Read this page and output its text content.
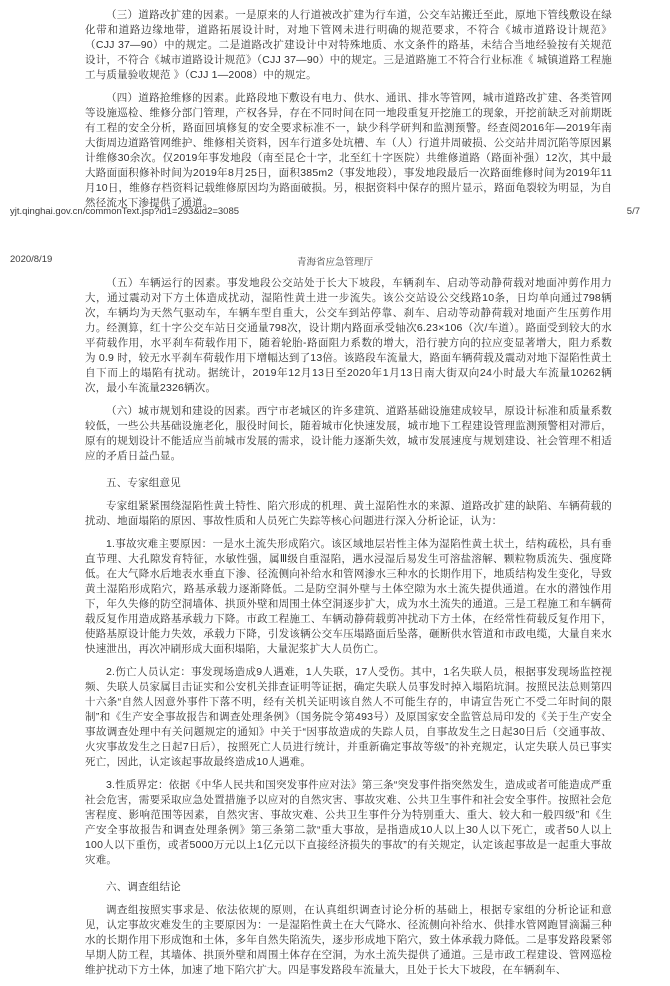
（三）道路改扩建的因素。一是原来的人行道被改扩建为行车道，公交车站搬迁至此，原地下管线敷设在绿化带和道路边缘地带，道路拓展设计时，对地下管网未进行明确的规范要求，不符合《城市道路设计规范》（CJJ 37—90）中的规定。二是道路改扩建设计中对特殊地质、水文条件的路基，未结合当地经验按有关规范设计，不符合《城市道路设计规范》（CJJ 37—90）中的规定。三是道路施工不符合行业标准《 城镇道路工程施工与质量验收规范 》（CJJ 1—2008）中的规定。

（四）道路抢维修的因素。此路段地下敷设有电力、供水、通讯、排水等管网，城市道路改扩建、各类管网等设施巡检、维修分部门管理，产权各异，存在不同时间在同一地段重复开挖施工的现象，开挖前缺乏对前期既有工程的安全分析，路面回填修复的安全要求标准不一，缺少科学研判和监测预警。经查阅2016年—2019年南大街周边道路管网维护、维修相关资料，因车行道多处坑槽、车（人）行道井周破损、公交站井周沉陷等原因累计维修30余次。仅2019年事发地段（南至昆仑十字，北至红十字医院）共维修道路（路面补强）12次，其中最大路面面积修补时间为2019年8月25日，面积385m2（事发地段），事发地段最后一次路面维修时间为2019年11月10日，维修存档资料记载维修原因均为路面破损。另，根据资料中保存的照片显示，路面龟裂较为明显，为自然径流水下渗提供了通道。

yjt.qinghai.gov.cn/commonText.jsp?id1=293&id2=3085	5/7
2020/8/19	青海省应急管理厅

（五）车辆运行的因素。事发地段公交站处于长大下坡段，车辆刹车、启动等动静荷载对地面冲剪作用力大，通过震动对下方土体造成扰动，湿陷性黄土进一步流失。该公交站设公交线路10条，日均单向通过798辆次，车辆均为天然气驱动车，车辆车型自重大，公交车到站停靠、刹车、启动等动静荷载对地面产生压剪作用力。经测算，红十字公交车站日交通量798次，设计期内路面承受轴次6.23×106（次/车道）。路面受到较大的水平荷载作用，水平刹车荷载作用下，随着轮胎-路面阻力系数的增大，沿行驶方向的拉应变显著增大，阻力系数为 0.9 时，较无水平刹车荷载作用下增幅达到了13倍。该路段车流量大，路面车辆荷载及震动对地下湿陷性黄土自下而上的塌陷有扰动。据统计，2019年12月13日至2020年1月13日南大街双向24小时最大车流量10262辆次，最小车流量2326辆次。

（六）城市规划和建设的因素。西宁市老城区的许多建筑、道路基础设施建成较早，原设计标准和质量系数较低，一些公共基础设施老化，服役时间长，随着城市化快速发展，城市地下工程建设管理监测预警相对滞后，原有的规划设计不能适应当前城市发展的需求，设计能力逐渐失效，城市发展速度与规划建设、社会管理不相适应的矛盾日益凸显。

五、专家组意见

专家组紧紧围绕湿陷性黄土特性、陷穴形成的机理、黄土湿陷性水的来源、道路改扩建的缺陷、车辆荷载的扰动、地面塌陷的原因、事故性质和人员死亡失踪等核心问题进行深入分析论证，认为：

1.事故灾难主要原因：一是水土流失形成陷穴。该区域地层岩性主体为湿陷性黄土状土，结构疏松，具有垂直节理、大孔隙发育特征，水敏性强，属Ⅲ级自重湿陷，遇水浸湿后易发生可溶盐溶解、颗粒物质流失、强度降低。在大气降水后地表水垂直下渗、径流侧向补给水和管网渗水三种水的长期作用下，地质结构发生变化，导致黄土湿陷形成陷穴，路基承载力逐渐降低。二是防空洞外壁与土体空隙为水土流失提供通道。在水的潜蚀作用下，年久失修的防空洞墙体、拱顶外壁和周围土体空洞逐步扩大，成为水土流失的通道。三是工程施工和车辆荷载反复作用造成路基承载力下降。市政工程施工、车辆动静荷载剪冲扰动下方土体，在经常性荷载反复作用下，使路基原设计能力失效，承载力下降，引发该辆公交车压塌路面后坠落，砸断供水管道和市政电缆，大量自来水快速泄出，再次冲刷形成大面积塌陷，大量泥浆扩大人员伤亡。

2.伤亡人员认定：事发现场造成9人遇难，1人失联，17人受伤。其中，1名失联人员，根据事发现场监控视频、失联人员家属目击证实和公安机关排查证明等证据，确定失联人员事发时掉入塌陷坑洞。按照民法总则第四十六条“自然人因意外事件下落不明，经有关机关证明该自然人不可能生存的，申请宣告死亡不受二年时间的限制”和《生产安全事故报告和调查处理条例》（国务院令第493号）及原国家安全监管总局印发的《关于生产安全事故调查处理中有关问题规定的通知》中关于“因事故造成的失踪人员，自事故发生之日起30日后（交通事故、火灾事故发生之日起7日后），按照死亡人员进行统计，并重新确定事故等级”的补充规定，认定失联人员已事实死亡，因此，认定该起事故最终造成10人遇难。

3.性质界定：依据《中华人民共和国突发事件应对法》第三条“突发事件指突然发生，造成或者可能造成严重社会危害，需要采取应急处置措施予以应对的自然灾害、事故灾难、公共卫生事件和社会安全事件。按照社会危害程度、影响范围等因素，自然灾害、事故灾难、公共卫生事件分为特别重大、重大、较大和一般四级”和《生产安全事故报告和调查处理条例》第三条第二款“重大事故，是指造成10人以上30人以下死亡，或者50人以上100人以下重伤，或者5000万元以上1亿元以下直接经济损失的事故”的有关规定，认定该起事故是一起重大事故灾难。

六、调查组结论

调查组按照实事求是、依法依规的原则，在认真组织调查讨论分析的基础上，根据专家组的分析论证和意见，认定事故灾难发生的主要原因为：一是湿陷性黄土在大气降水、径流侧向补给水、供排水管网跑冒滴漏三种水的长期作用下形成饱和土体，多年自然失陷流失，逐步形成地下陷穴，致土体承载力降低。二是事发路段紧邻早期人防工程，其墙体、拱顶外壁和周围土体存在空洞，为水土流失提供了通道。三是市政工程建设、管网巡检维护扰动下方土体，加速了地下陷穴扩大。四是事发路段车流量大，且处于长大下坡段，在车辆刹车、
